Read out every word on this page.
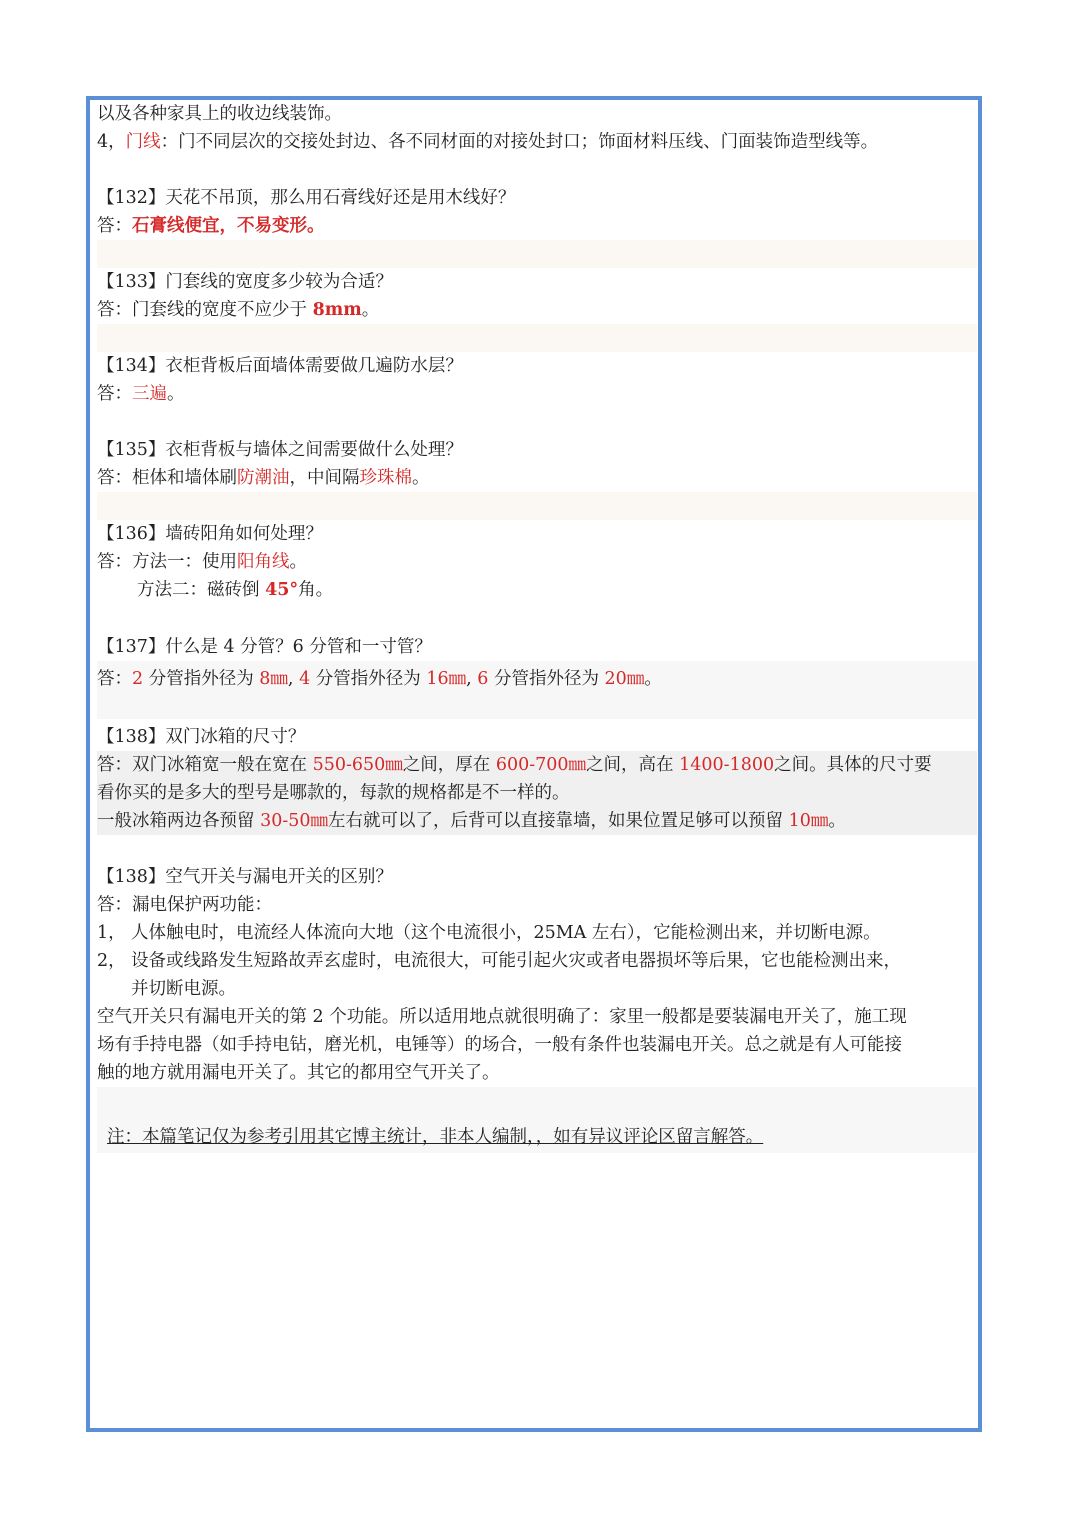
以及各种家具上的收边线装饰。
4，门线：门不同层次的交接处封边、各不同材面的对接处封口；饰面材料压线、门面装饰造型线等。
【132】天花不吊顶，那么用石膏线好还是用木线好？
答：石膏线便宜，不易变形。
【133】门套线的宽度多少较为合适？
答：门套线的宽度不应少于 8mm。
【134】衣柜背板后面墙体需要做几遍防水层？
答：三遍。
【135】衣柜背板与墙体之间需要做什么处理？
答：柜体和墙体刷防潮油，中间隔珍珠棉。
【136】墙砖阳角如何处理？
答：方法一：使用阳角线。
方法二：磁砖倒 45°角。
【137】什么是 4 分管？6 分管和一寸管？
答：2 分管指外径为 8㎜, 4 分管指外径为 16㎜, 6 分管指外径为 20㎜。
【138】双门冰箱的尺寸？
答：双门冰箱宽一般在宽在 550-650㎜之间，厚在 600-700㎜之间，高在 1400-1800之间。具体的尺寸要
看你买的是多大的型号是哪款的，每款的规格都是不一样的。
一般冰箱两边各预留 30-50㎜左右就可以了，后背可以直接靠墙，如果位置足够可以预留 10㎜。
【138】空气开关与漏电开关的区别？
答：漏电保护两功能：
1， 人体触电时，电流经人体流向大地（这个电流很小，25MA 左右），它能检测出来，并切断电源。
2， 设备或线路发生短路故弄玄虚时，电流很大，可能引起火灾或者电器损坏等后果，它也能检测出来，
并切断电源。
空气开关只有漏电开关的第 2 个功能。所以适用地点就很明确了：家里一般都是要装漏电开关了，施工现
场有手持电器（如手持电钻，磨光机，电锤等）的场合，一般有条件也装漏电开关。总之就是有人可能接
触的地方就用漏电开关了。其它的都用空气开关了。
注：本篇笔记仅为参考引用其它博主统计，非本人编制，，如有异议评论区留言解答。
